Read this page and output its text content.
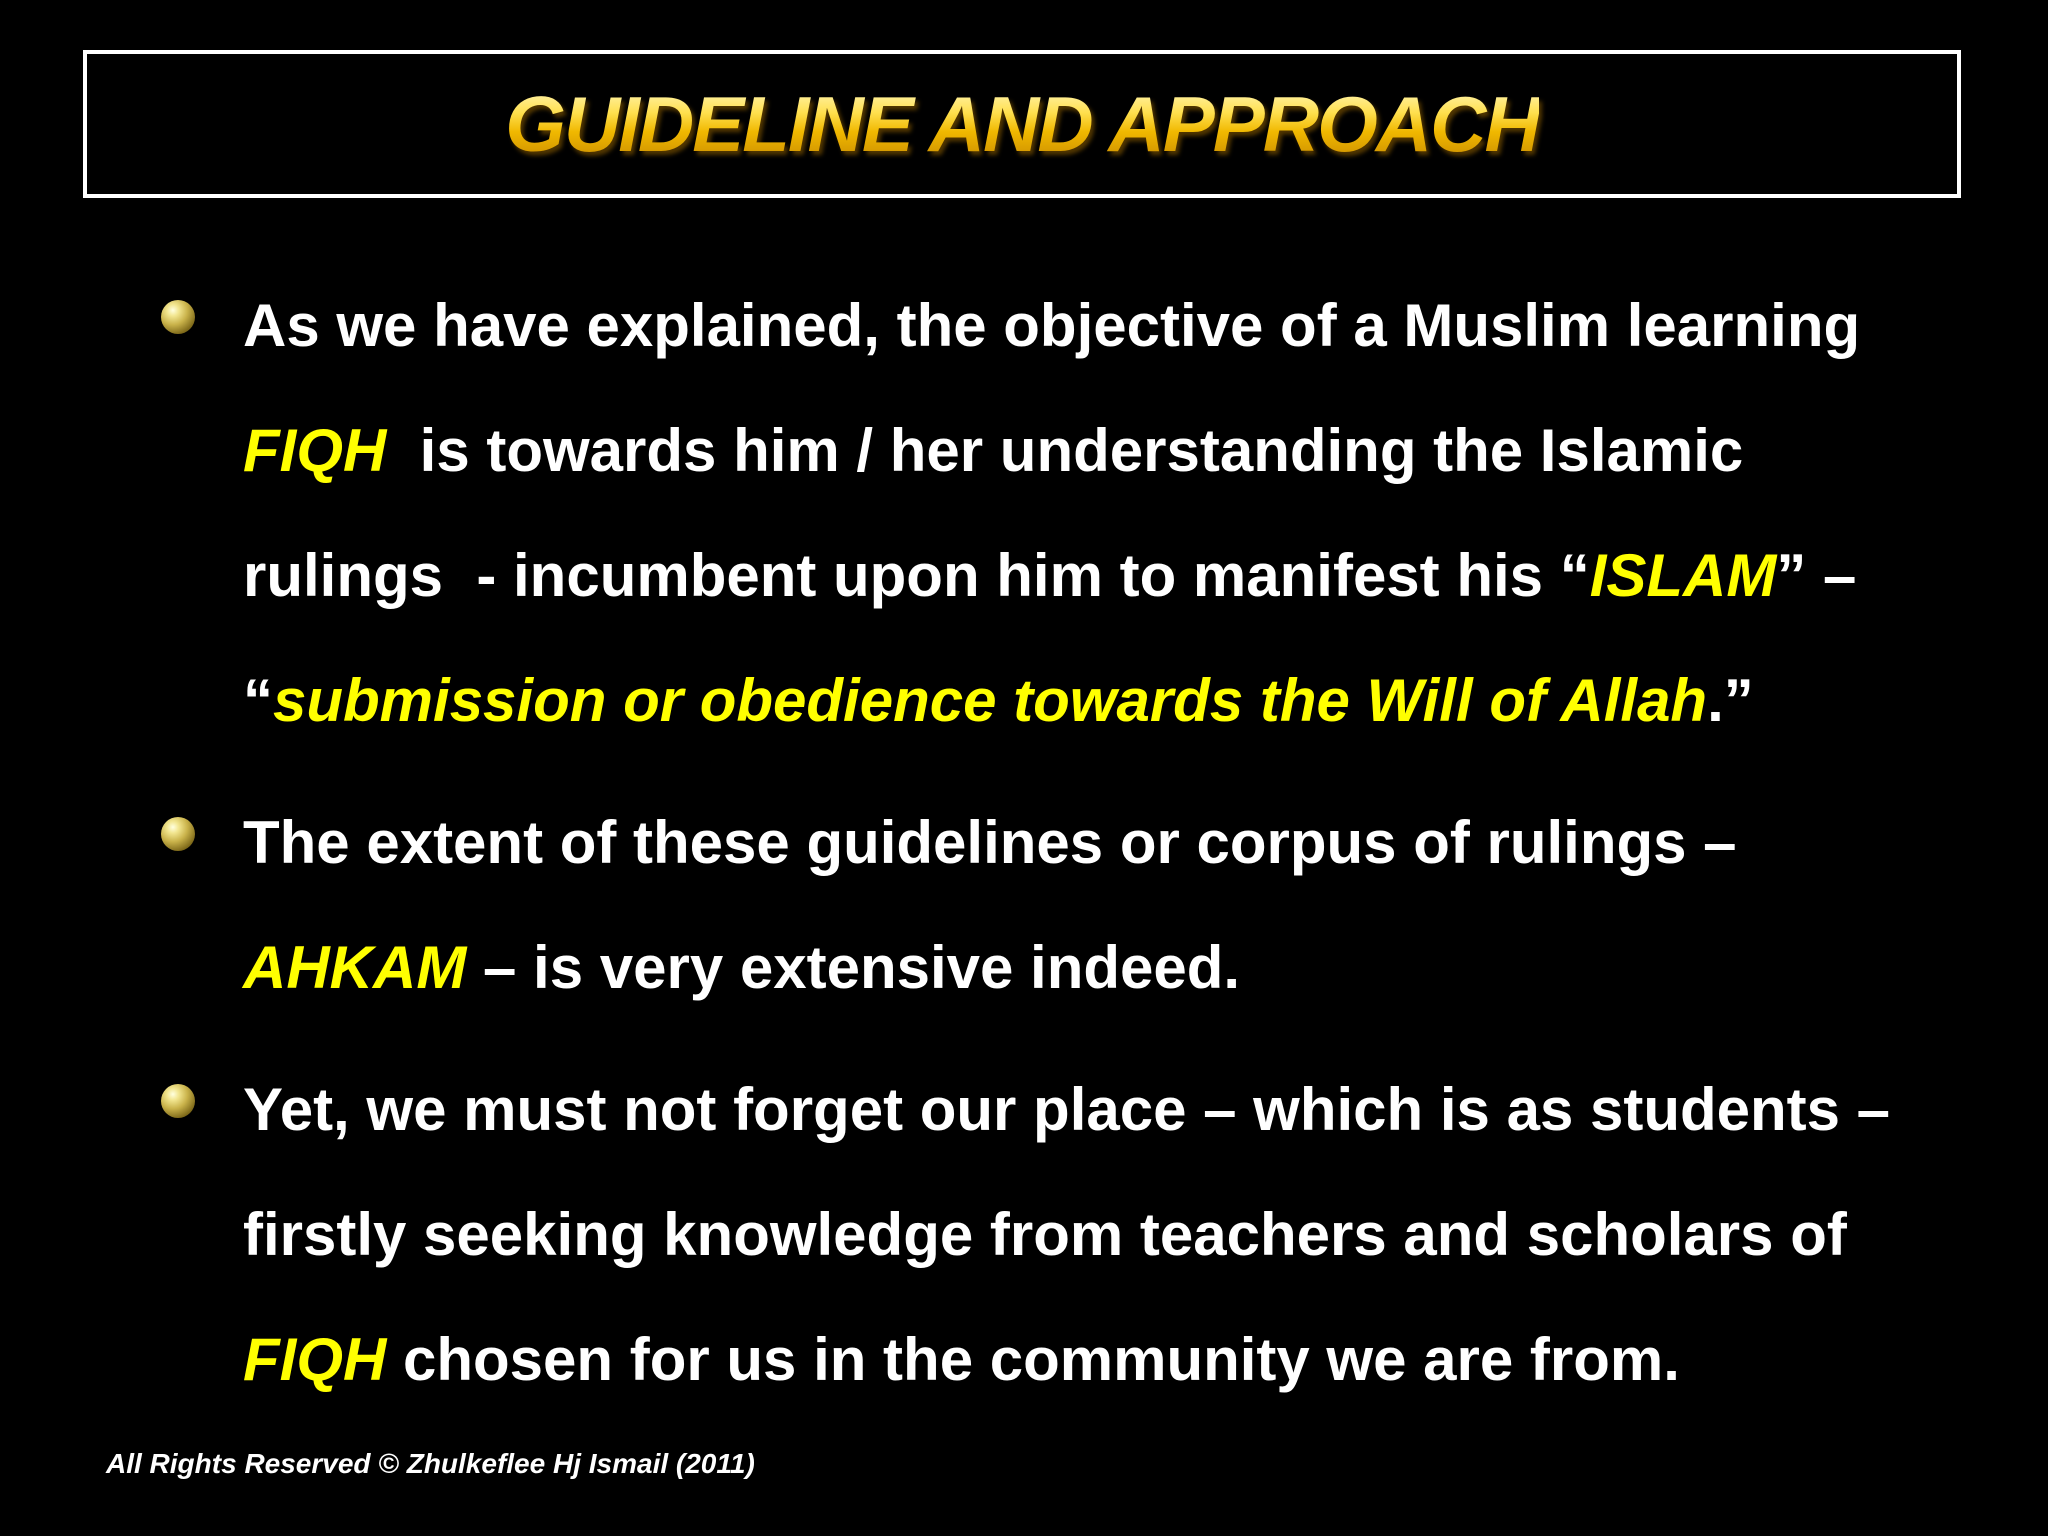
GUIDELINE AND APPROACH
As we have explained, the objective of a Muslim learning
FIQH  is towards him / her understanding the Islamic
rulings  - incumbent upon him to manifest his “ISLAM” –
“submission or obedience towards the Will of Allah.”
The extent of these guidelines or corpus of rulings –
AHKAM – is very extensive indeed.
Yet, we must not forget our place – which is as students –
firstly seeking knowledge from teachers and scholars of
FIQH chosen for us in the community we are from.
All Rights Reserved © Zhulkeflee Hj Ismail (2011)
